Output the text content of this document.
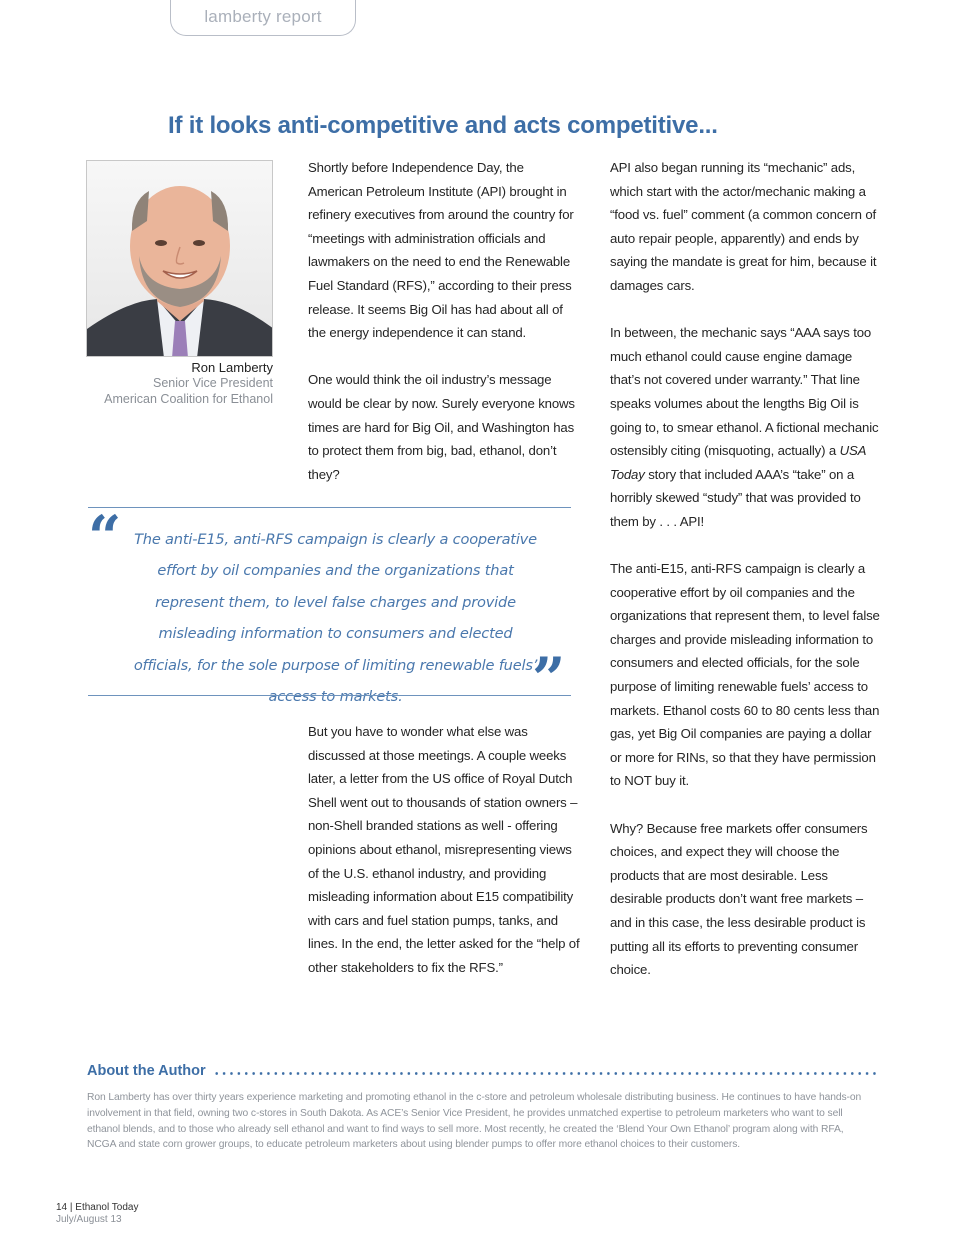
lamberty report
If it looks anti-competitive and acts competitive...
Ron Lamberty
Senior Vice President
American Coalition for Ethanol

Shortly before Independence Day, the American Petroleum Institute (API) brought in refinery executives from around the country for “meetings with administration officials and lawmakers on the need to end the Renewable Fuel Standard (RFS),” according to their press release. It seems Big Oil has had about all of the energy independence it can stand.

One would think the oil industry’s message would be clear by now. Surely everyone knows times are hard for Big Oil, and Washington has to protect them from big, bad, ethanol, don’t they?

“ The anti-E15, anti-RFS campaign is clearly a cooperative effort by oil companies and the organizations that represent them, to level false charges and provide misleading information to consumers and elected officials, for the sole purpose of limiting renewable fuels’ access to markets.	”

But you have to wonder what else was discussed at those meetings. A couple weeks later, a letter from the US office of Royal Dutch Shell went out to thousands of station owners – non-Shell branded stations as well - offering opinions about ethanol, misrepresenting views of the U.S. ethanol industry, and providing misleading information about E15 compatibility with cars and fuel station pumps, tanks, and lines. In the end, the letter asked for the “help of other stakeholders to fix the RFS.”

API also began running its “mechanic” ads, which start with the actor/mechanic making a “food vs. fuel” comment (a common concern of auto repair people, apparently) and ends by saying the mandate is great for him, because it damages cars.

In between, the mechanic says “AAA says too much ethanol could cause engine damage that’s not covered under warranty.” That line speaks volumes about the lengths Big Oil is going to, to smear ethanol. A fictional mechanic ostensibly citing (misquoting, actually) a USA Today story that included AAA’s “take” on a horribly skewed “study” that was provided to them by . . . API!

The anti-E15, anti-RFS campaign is clearly a cooperative effort by oil companies and the organizations that represent them, to level false charges and provide misleading information to consumers and elected officials, for the sole purpose of limiting renewable fuels’ access to markets. Ethanol costs 60 to 80 cents less than gas, yet Big Oil companies are paying a dollar or more for RINs, so that they have permission to NOT buy it.

Why? Because free markets offer consumers choices, and expect they will choose the products that are most desirable. Less desirable products don’t want free markets – and in this case, the less desirable product is putting all its efforts to preventing consumer choice.

About the Author

Ron Lamberty has over thirty years experience marketing and promoting ethanol in the c-store and petroleum wholesale distributing business. He continues to have hands-on involvement in that field, owning two c-stores in South Dakota. As ACE’s Senior Vice President, he provides unmatched expertise to petroleum marketers who want to sell ethanol blends, and to those who already sell ethanol and want to find ways to sell more. Most recently, he created the ‘Blend Your Own Ethanol’ program along with RFA, NCGA and state corn grower groups, to educate petroleum marketers about using blender pumps to offer more ethanol choices to their customers.

14 | Ethanol Today
July/August 13
